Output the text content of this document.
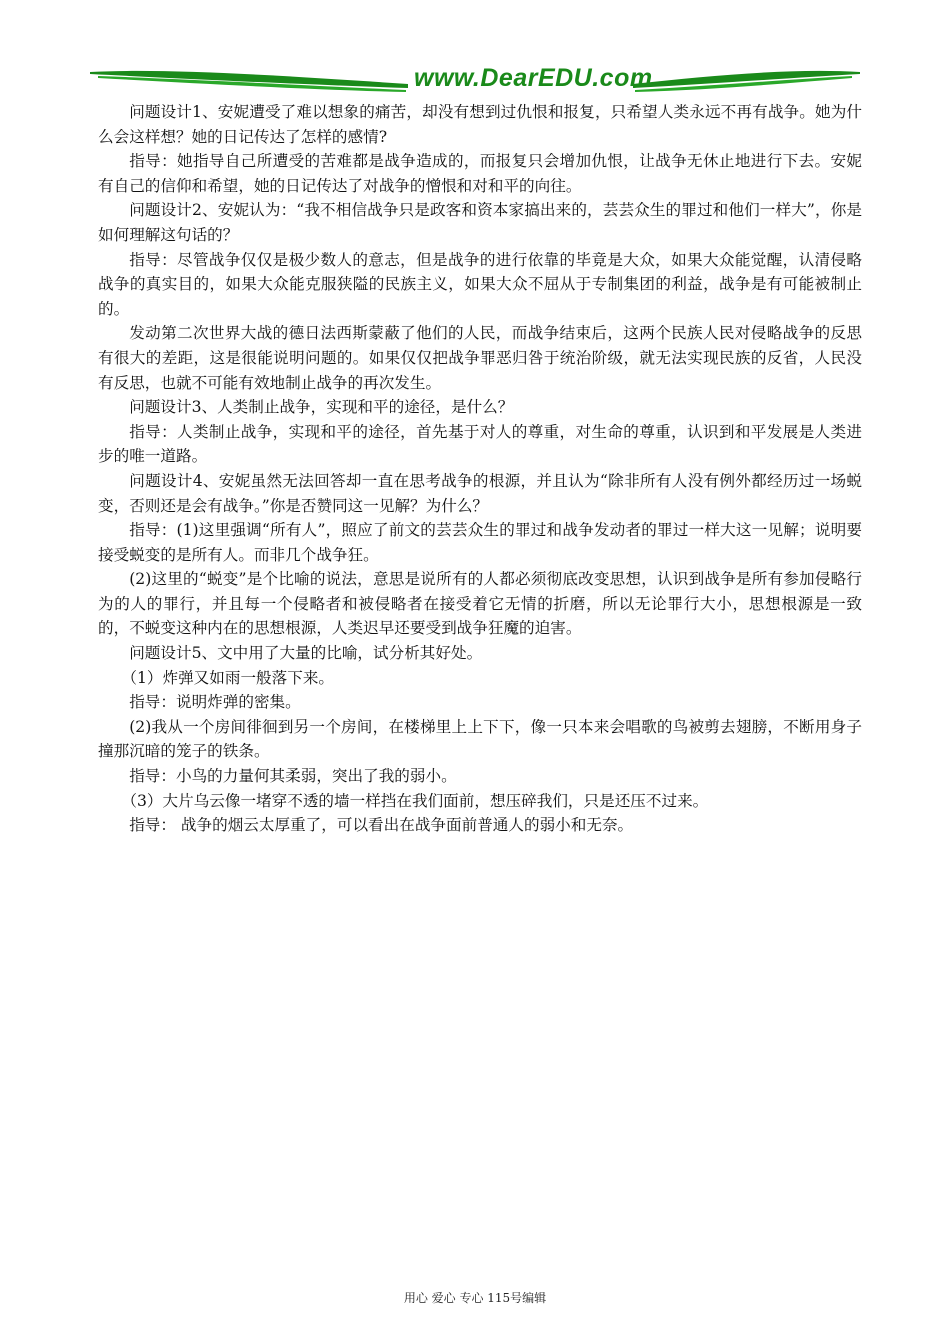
www.DearEDU.com

问题设计1、安妮遭受了难以想象的痛苦，却没有想到过仇恨和报复，只希望人类永远不再有战争。她为什么会这样想？她的日记传达了怎样的感情?

指导：她指导自己所遭受的苦难都是战争造成的，而报复只会增加仇恨，让战争无休止地进行下去。安妮有自己的信仰和希望，她的日记传达了对战争的憎恨和对和平的向往。

问题设计2、安妮认为：“我不相信战争只是政客和资本家搞出来的，芸芸众生的罪过和他们一样大”，你是如何理解这句话的？

指导：尽管战争仅仅是极少数人的意志，但是战争的进行依靠的毕竟是大众，如果大众能觉醒，认清侵略战争的真实目的，如果大众能克服狭隘的民族主义，如果大众不屈从于专制集团的利益，战争是有可能被制止的。

发动第二次世界大战的德日法西斯蒙蔽了他们的人民，而战争结束后，这两个民族人民对侵略战争的反思有很大的差距，这是很能说明问题的。如果仅仅把战争罪恶归咎于统治阶级，就无法实现民族的反省，人民没有反思，也就不可能有效地制止战争的再次发生。

问题设计3、人类制止战争，实现和平的途径，是什么？

指导：人类制止战争，实现和平的途径，首先基于对人的尊重，对生命的尊重，认识到和平发展是人类进步的唯一道路。

问题设计4、安妮虽然无法回答却一直在思考战争的根源，并且认为“除非所有人没有例外都经历过一场蜕变，否则还是会有战争。”你是否赞同这一见解？为什么？

指导：(1)这里强调“所有人”，照应了前文的芸芸众生的罪过和战争发动者的罪过一样大这一见解；说明要接受蜕变的是所有人。而非几个战争狂。

(2)这里的“蜕变”是个比喻的说法，意思是说所有的人都必须彻底改变思想，认识到战争是所有参加侵略行为的人的罪行，并且每一个侵略者和被侵略者在接受着它无情的折磨，所以无论罪行大小，思想根源是一致的，不蜕变这种内在的思想根源，人类迟早还要受到战争狂魔的迫害。

问题设计5、文中用了大量的比喻，试分析其好处。

（1）炸弹又如雨一般落下来。

指导：说明炸弹的密集。

(2)我从一个房间徘徊到另一个房间，在楼梯里上上下下，像一只本来会唱歌的鸟被剪去翅膀，不断用身子撞那沉暗的笼子的铁条。

指导：小鸟的力量何其柔弱，突出了我的弱小。

（3）大片乌云像一堵穿不透的墙一样挡在我们面前，想压碎我们，只是还压不过来。

指导： 战争的烟云太厚重了，可以看出在战争面前普通人的弱小和无奈。

用心 爱心 专心 115号编辑
